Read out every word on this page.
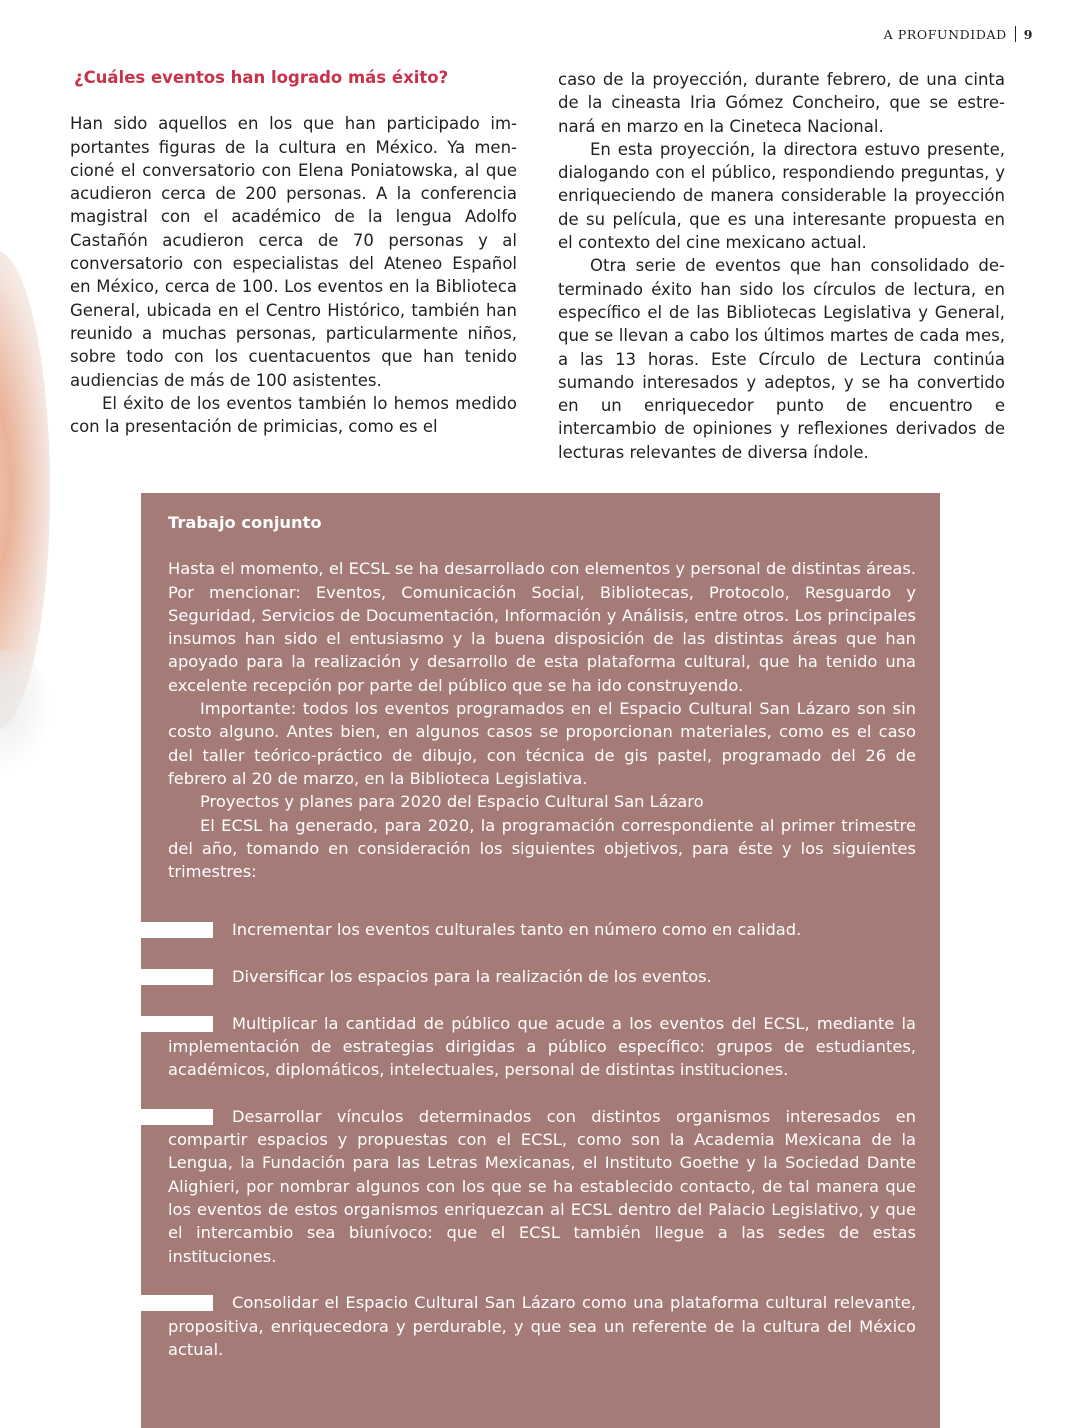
A PROFUNDIDAD 9

¿Cuáles eventos han logrado más éxito?

Han sido aquellos en los que han participado importantes figuras de la cultura en México. Ya mencioné el conversatorio con Elena Poniatowska, al que acudieron cerca de 200 personas. A la conferencia magistral con el académico de la lengua Adolfo Castañón acudieron cerca de 70 personas y al conversatorio con especialistas del Ateneo Español en México, cerca de 100. Los eventos en la Biblioteca General, ubicada en el Centro Histórico, también han reunido a muchas personas, particularmente niños, sobre todo con los cuentacuentos que han tenido audiencias de más de 100 asistentes.

El éxito de los eventos también lo hemos medido con la presentación de primicias, como es el

caso de la proyección, durante febrero, de una cinta de la cineasta Iria Gómez Concheiro, que se estrenará en marzo en la Cineteca Nacional.

En esta proyección, la directora estuvo presente, dialogando con el público, respondiendo preguntas, y enriqueciendo de manera considerable la proyección de su película, que es una interesante propuesta en el contexto del cine mexicano actual.

Otra serie de eventos que han consolidado determinado éxito han sido los círculos de lectura, en específico el de las Bibliotecas Legislativa y General, que se llevan a cabo los últimos martes de cada mes, a las 13 horas. Este Círculo de Lectura continúa sumando interesados y adeptos, y se ha convertido en un enriquecedor punto de encuentro e intercambio de opiniones y reflexiones derivados de lecturas relevantes de diversa índole.

Trabajo conjunto

Hasta el momento, el ECSL se ha desarrollado con elementos y personal de distintas áreas. Por mencionar: Eventos, Comunicación Social, Bibliotecas, Protocolo, Resguardo y Seguridad, Servicios de Documentación, Información y Análisis, entre otros. Los principales insumos han sido el entusiasmo y la buena disposición de las distintas áreas que han apoyado para la realización y desarrollo de esta plataforma cultural, que ha tenido una excelente recepción por parte del público que se ha ido construyendo.

Importante: todos los eventos programados en el Espacio Cultural San Lázaro son sin costo alguno. Antes bien, en algunos casos se proporcionan materiales, como es el caso del taller teórico-práctico de dibujo, con técnica de gis pastel, programado del 26 de febrero al 20 de marzo, en la Biblioteca Legislativa.

Proyectos y planes para 2020 del Espacio Cultural San Lázaro

El ECSL ha generado, para 2020, la programación correspondiente al primer trimestre del año, tomando en consideración los siguientes objetivos, para éste y los siguientes trimestres:

Incrementar los eventos culturales tanto en número como en calidad.

Diversificar los espacios para la realización de los eventos.

Multiplicar la cantidad de público que acude a los eventos del ECSL, mediante la implementación de estrategias dirigidas a público específico: grupos de estudiantes, académicos, diplomáticos, intelectuales, personal de distintas instituciones.

Desarrollar vínculos determinados con distintos organismos interesados en compartir espacios y propuestas con el ECSL, como son la Academia Mexicana de la Lengua, la Fundación para las Letras Mexicanas, el Instituto Goethe y la Sociedad Dante Alighieri, por nombrar algunos con los que se ha establecido contacto, de tal manera que los eventos de estos organismos enriquezcan al ECSL dentro del Palacio Legislativo, y que el intercambio sea biunívoco: que el ECSL también llegue a las sedes de estas instituciones.

Consolidar el Espacio Cultural San Lázaro como una plataforma cultural relevante, propositiva, enriquecedora y perdurable, y que sea un referente de la cultura del México actual.
